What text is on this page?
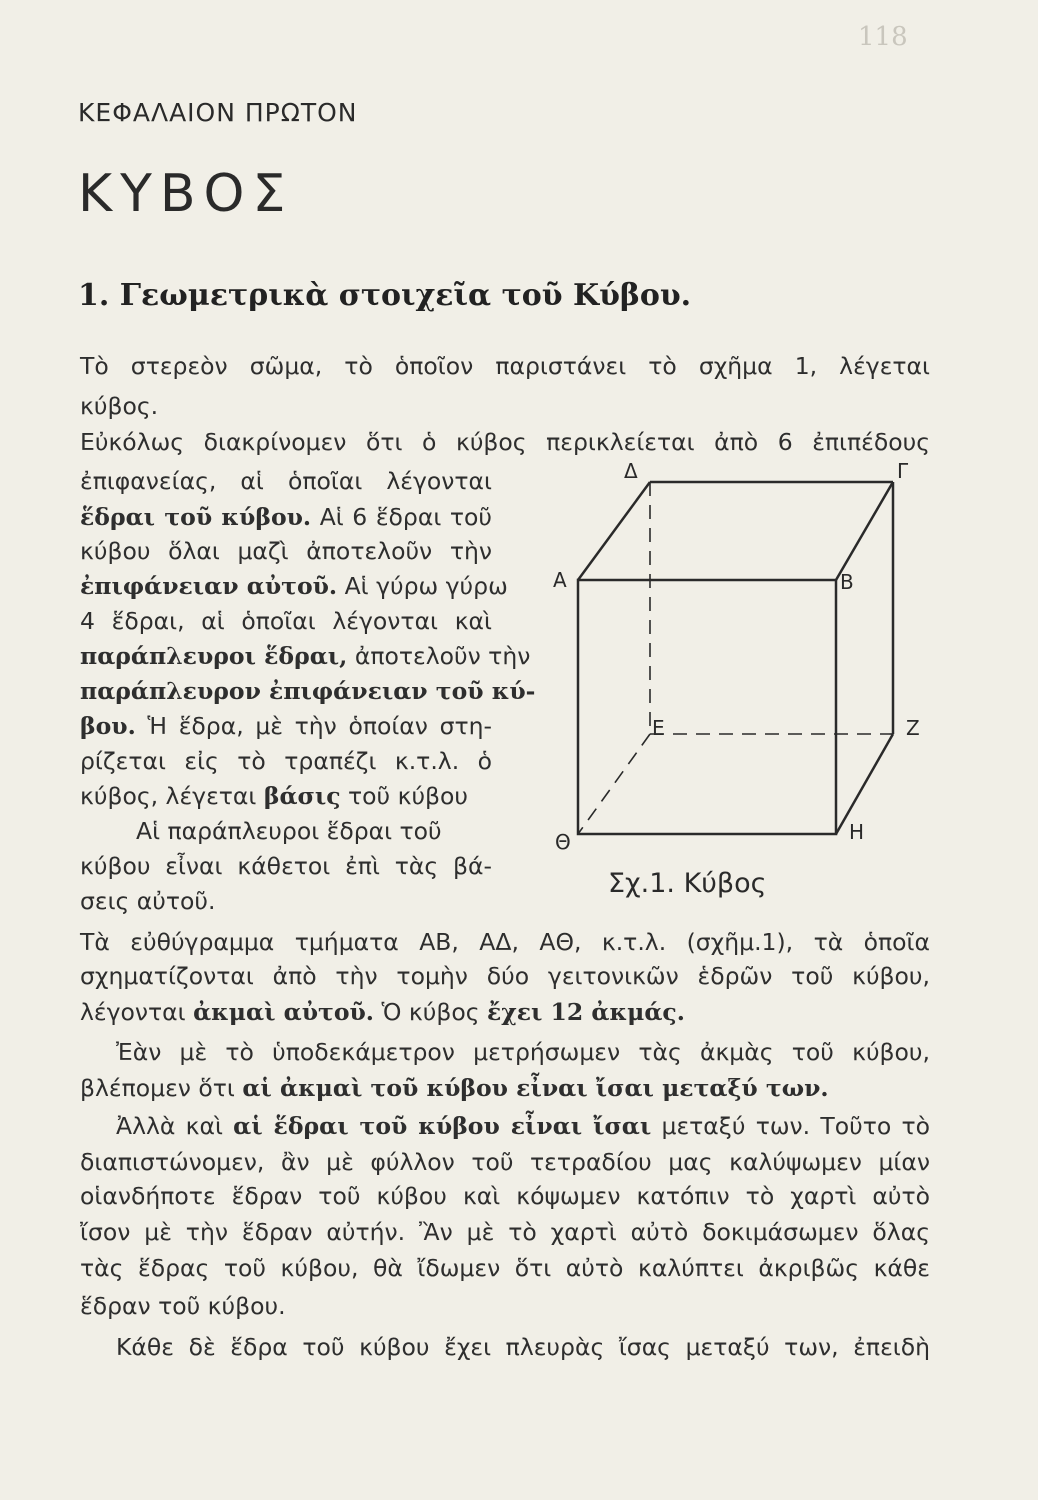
118
ΚΕΦΑΛΑΙΟΝ ΠΡΩΤΟΝ
ΚΥΒΟΣ
1. Γεωμετρικὰ στοιχεῖα τοῦ Κύβου.
Τὸ στερεὸν σῶμα, τὸ ὁποῖον παριστάνει τὸ σχῆμα 1, λέγεται
κύβος.
Εὐκόλως διακρίνομεν ὅτι ὁ κύβος περικλείεται ἀπὸ 6 ἐπιπέδους
ἐπιφανείας, αἱ ὁποῖαι λέγονται
ἕδραι τοῦ κύβου. Αἱ 6 ἕδραι τοῦ
κύβου ὅλαι μαζὶ ἀποτελοῦν τὴν
ἐπιφάνειαν αὐτοῦ. Αἱ γύρω γύρω
4 ἕδραι, αἱ ὁποῖαι λέγονται καὶ
παράπλευροι ἕδραι, ἀποτελοῦν τὴν
παράπλευρον ἐπιφάνειαν τοῦ κύ-
βου. Ἡ ἕδρα, μὲ τὴν ὁποίαν στη-
ρίζεται εἰς τὸ τραπέζι κ.τ.λ. ὁ
κύβος, λέγεται βάσις τοῦ κύβου
Αἱ παράπλευροι ἕδραι τοῦ
κύβου εἶναι κάθετοι ἐπὶ τὰς βά-
σεις αὐτοῦ.
Δ	Γ
Α	Β
Ε	Ζ
Θ	Η
Σχ.1. Κύβος
Τὰ εὐθύγραμμα τμήματα ΑΒ, ΑΔ, ΑΘ, κ.τ.λ. (σχῆμ.1), τὰ ὁποῖα
σχηματίζονται ἀπὸ τὴν τομὴν δύο γειτονικῶν ἑδρῶν τοῦ κύβου,
λέγονται ἀκμαὶ αὐτοῦ. Ὁ κύβος ἔχει 12 ἀκμάς.
Ἐὰν μὲ τὸ ὑποδεκάμετρον μετρήσωμεν τὰς ἀκμὰς τοῦ κύβου,
βλέπομεν ὅτι αἱ ἀκμαὶ τοῦ κύβου εἶναι ἴσαι μεταξύ των.
Ἀλλὰ καὶ αἱ ἕδραι τοῦ κύβου εἶναι ἴσαι μεταξύ των. Τοῦτο τὸ
διαπιστώνομεν, ἂν μὲ φύλλον τοῦ τετραδίου μας καλύψωμεν μίαν
οἱανδήποτε ἕδραν τοῦ κύβου καὶ κόψωμεν κατόπιν τὸ χαρτὶ αὐτὸ
ἴσον μὲ τὴν ἕδραν αὐτήν. Ἂν μὲ τὸ χαρτὶ αὐτὸ δοκιμάσωμεν ὅλας
τὰς ἕδρας τοῦ κύβου, θὰ ἴδωμεν ὅτι αὐτὸ καλύπτει ἀκριβῶς κάθε
ἕδραν τοῦ κύβου.
Κάθε δὲ ἕδρα τοῦ κύβου ἔχει πλευρὰς ἴσας μεταξύ των, ἐπειδὴ
